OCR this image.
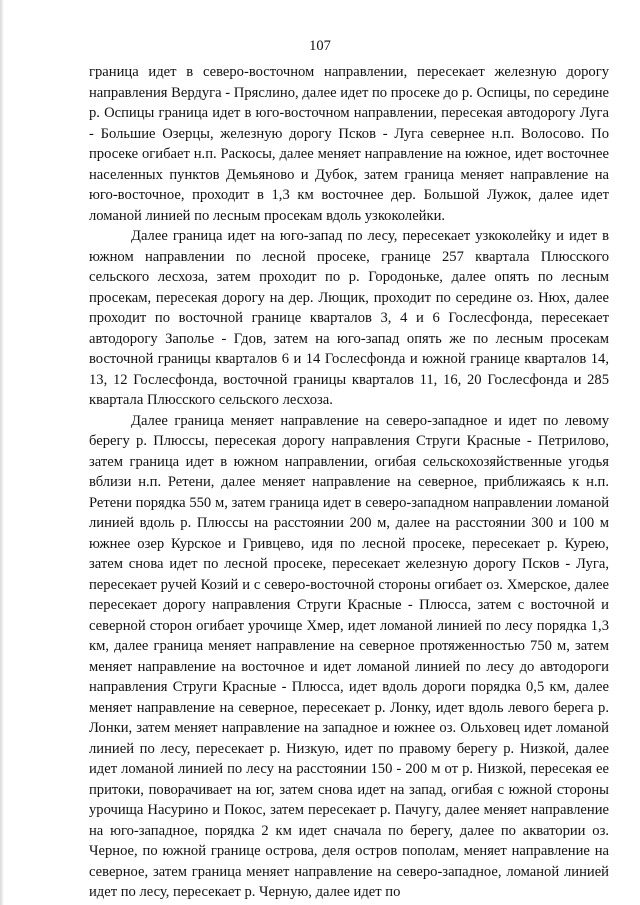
107

граница идет в северо-восточном направлении, пересекает железную дорогу направления Вердуга - Пряслино, далее идет по просеке до р. Оспицы, по середине р. Оспицы граница идет в юго-восточном направлении, пересекая автодорогу Луга - Большие Озерцы, железную дорогу Псков - Луга севернее н.п. Волосово. По просеке огибает н.п. Раскосы, далее меняет направление на южное, идет восточнее населенных пунктов Демьяново и Дубок, затем граница меняет направление на юго-восточное, проходит в 1,3 км восточнее дер. Большой Лужок, далее идет ломаной линией по лесным просекам вдоль узкоколейки.

Далее граница идет на юго-запад по лесу, пересекает узкоколейку и идет в южном направлении по лесной просеке, границе 257 квартала Плюсского сельского лесхоза, затем проходит по р. Городоньке, далее опять по лесным просекам, пересекая дорогу на дер. Лющик, проходит по середине оз. Нюх, далее проходит по восточной границе кварталов 3, 4 и 6 Гослесфонда, пересекает автодорогу Заполье - Гдов, затем на юго-запад опять же по лесным просекам восточной границы кварталов 6 и 14 Гослесфонда и южной границе кварталов 14, 13, 12 Гослесфонда, восточной границы кварталов 11, 16, 20 Гослесфонда и 285 квартала Плюсского сельского лесхоза.

Далее граница меняет направление на северо-западное и идет по левому берегу р. Плюссы, пересекая дорогу направления Струги Красные - Петрилово, затем граница идет в южном направлении, огибая сельскохозяйственные угодья вблизи н.п. Ретени, далее меняет направление на северное, приближаясь к н.п. Ретени порядка 550 м, затем граница идет в северо-западном направлении ломаной линией вдоль р. Плюссы на расстоянии 200 м, далее на расстоянии 300 и 100 м южнее озер Курское и Гривцево, идя по лесной просеке, пересекает р. Курею, затем снова идет по лесной просеке, пересекает железную дорогу Псков - Луга, пересекает ручей Козий и с северо-восточной стороны огибает оз. Хмерское, далее пересекает дорогу направления Струги Красные - Плюсса, затем с восточной и северной сторон огибает урочище Хмер, идет ломаной линией по лесу порядка 1,3 км, далее граница меняет направление на северное протяженностью 750 м, затем меняет направление на восточное и идет ломаной линией по лесу до автодороги направления Струги Красные - Плюсса, идет вдоль дороги порядка 0,5 км, далее меняет направление на северное, пересекает р. Лонку, идет вдоль левого берега р. Лонки, затем меняет направление на западное и южнее оз. Ольховец идет ломаной линией по лесу, пересекает р. Низкую, идет по правому берегу р. Низкой, далее идет ломаной линией по лесу на расстоянии 150 - 200 м от р. Низкой, пересекая ее притоки, поворачивает на юг, затем снова идет на запад, огибая с южной стороны урочища Насурино и Покос, затем пересекает р. Пачугу, далее меняет направление на юго-западное, порядка 2 км идет сначала по берегу, далее по акватории оз. Черное, по южной границе острова, деля остров пополам, меняет направление на северное, затем граница меняет направление на северо-западное, ломаной линией идет по лесу, пересекает р. Черную, далее идет по
